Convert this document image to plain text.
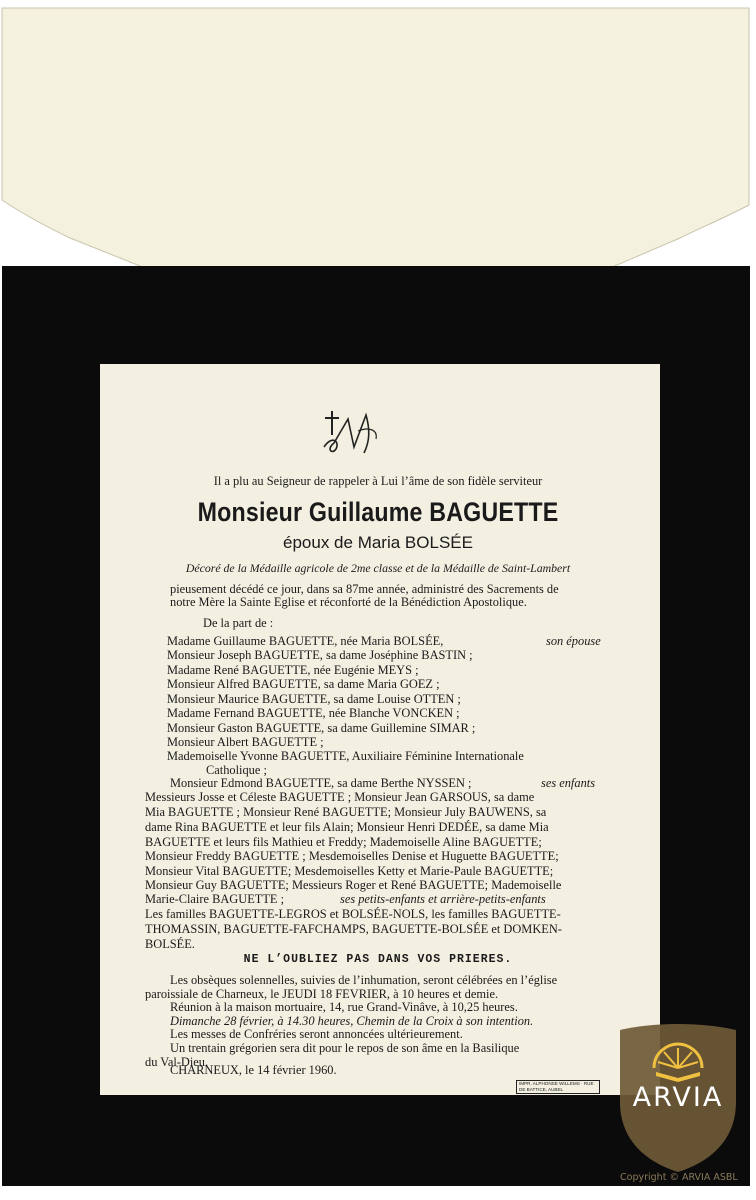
Il a plu au Seigneur de rappeler à Lui l’âme de son fidèle serviteur
Monsieur Guillaume BAGUETTE
époux de Maria BOLSÉE
Décoré de la Médaille agricole de 2me classe et de la Médaille de Saint-Lambert
pieusement décédé ce jour, dans sa 87me année, administré des Sacrements de
notre Mère la Sainte Eglise et réconforté de la Bénédiction Apostolique.
De la part de :
Madame Guillaume BAGUETTE, née Maria BOLSÉE,
Monsieur Joseph BAGUETTE, sa dame Joséphine BASTIN ;
Madame René BAGUETTE, née Eugénie MEYS ;
Monsieur Alfred BAGUETTE, sa dame Maria GOEZ ;
Monsieur Maurice BAGUETTE, sa dame Louise OTTEN ;
Madame Fernand BAGUETTE, née Blanche VONCKEN ;
Monsieur Gaston BAGUETTE, sa dame Guillemine SIMAR ;
Monsieur Albert BAGUETTE ;
Mademoiselle Yvonne BAGUETTE, Auxiliaire Féminine Internationale
Catholique ;
Monsieur Edmond BAGUETTE, sa dame Berthe NYSSEN ;
son épouse
ses enfants
Messieurs Josse et Céleste BAGUETTE ; Monsieur Jean GARSOUS, sa dame
Mia BAGUETTE ; Monsieur René BAGUETTE; Monsieur July BAUWENS, sa
dame Rina BAGUETTE et leur fils Alain; Monsieur Henri DEDÉE, sa dame Mia
BAGUETTE et leurs fils Mathieu et Freddy; Mademoiselle Aline BAGUETTE;
Monsieur Freddy BAGUETTE ; Mesdemoiselles Denise et Huguette BAGUETTE;
Monsieur Vital BAGUETTE; Mesdemoiselles Ketty et Marie-Paule BAGUETTE;
Monsieur Guy BAGUETTE; Messieurs Roger et René BAGUETTE; Mademoiselle
Marie-Claire BAGUETTE ;	ses petits-enfants et arrière-petits-enfants
Les familles BAGUETTE-LEGROS et BOLSÉE-NOLS, les familles BAGUETTE-
THOMASSIN, BAGUETTE-FAFCHAMPS, BAGUETTE-BOLSÉE et DOMKEN-
BOLSÉE.
NE L’OUBLIEZ PAS DANS VOS PRIERES.
Les obsèques solennelles, suivies de l’inhumation, seront célébrées en l’église
paroissiale de Charneux, le JEUDI 18 FEVRIER, à 10 heures et demie.
Réunion à la maison mortuaire, 14, rue Grand-Vinâve, à 10,25 heures.
Dimanche 28 février, à 14.30 heures, Chemin de la Croix à son intention.
Les messes de Confréries seront annoncées ultérieurement.
Un trentain grégorien sera dit pour le repos de son âme en la Basilique
du Val-Dieu.
CHARNEUX, le 14 février 1960.
IMPR. ALPHONSE WILLEMS · RUE DE BATTICE, AUBEL	ARVIA
Copyright © ARVIA ASBL
